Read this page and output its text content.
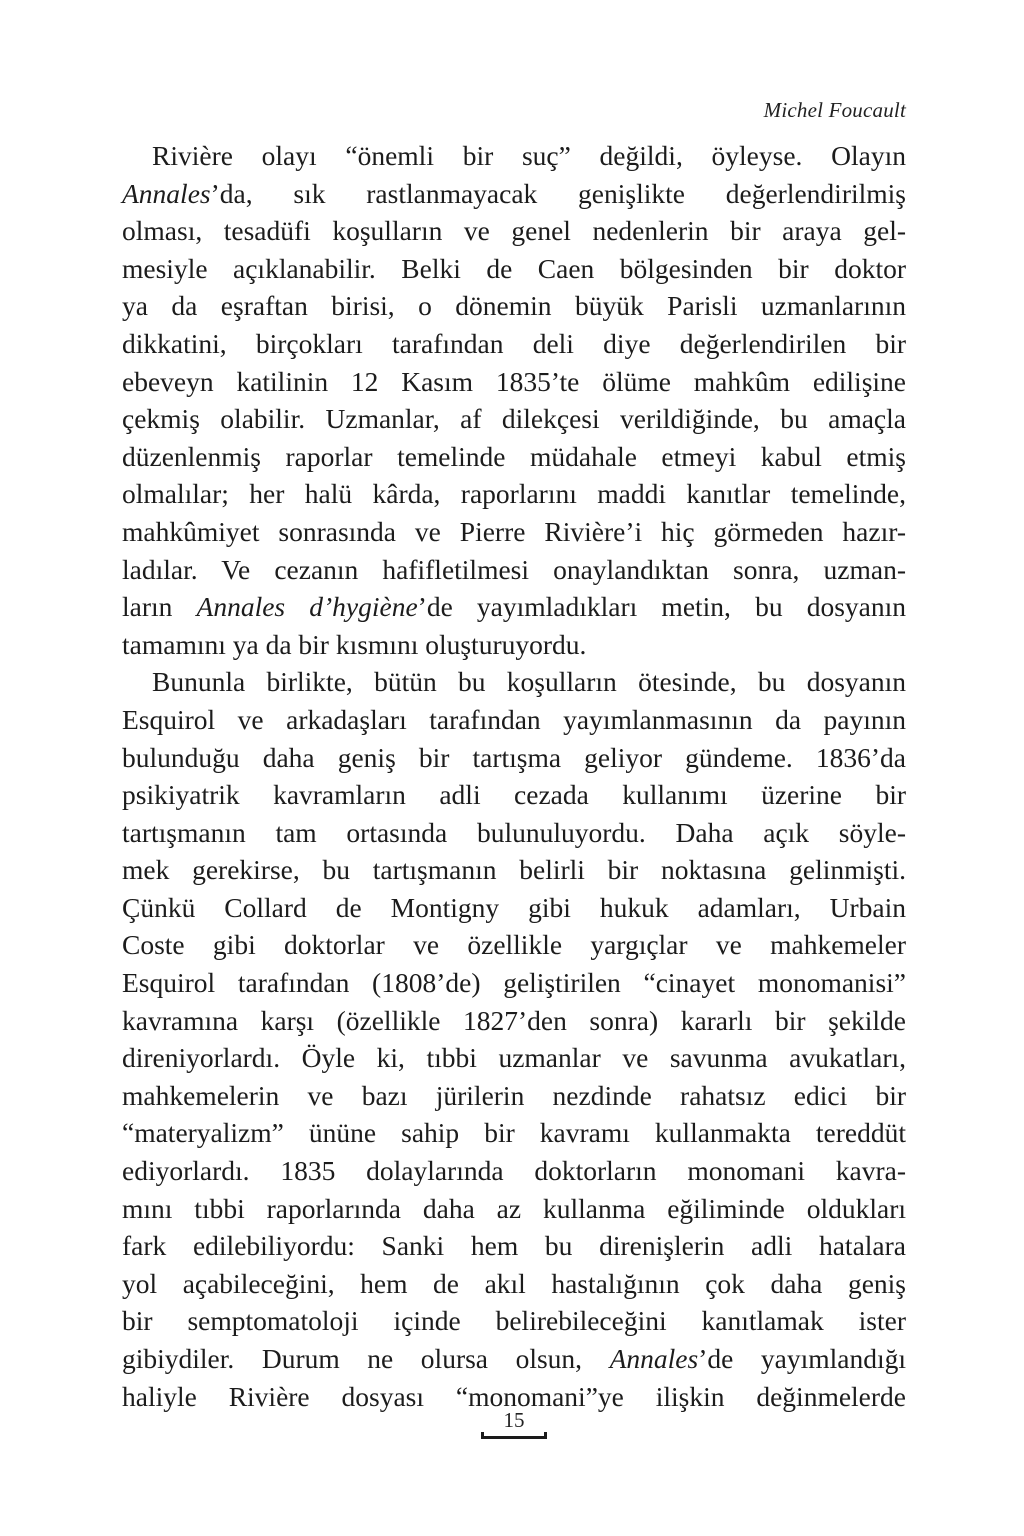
Michel Foucault
Rivière olayı “önemli bir suç” değildi, öyleyse. Olayın
Annales’da, sık rastlanmayacak genişlikte değerlendirilmiş
olması, tesadüfi koşulların ve genel nedenlerin bir araya gel-
mesiyle açıklanabilir. Belki de Caen bölgesinden bir doktor
ya da eşraftan birisi, o dönemin büyük Parisli uzmanlarının
dikkatini, birçokları tarafından deli diye değerlendirilen bir
ebeveyn katilinin 12 Kasım 1835’te ölüme mahkûm edilişine
çekmiş olabilir. Uzmanlar, af dilekçesi verildiğinde, bu amaçla
düzenlenmiş raporlar temelinde müdahale etmeyi kabul etmiş
olmalılar; her halü kârda, raporlarını maddi kanıtlar temelinde,
mahkûmiyet sonrasında ve Pierre Rivière’i hiç görmeden hazır-
ladılar. Ve cezanın hafifletilmesi onaylandıktan sonra, uzman-
ların Annales d’hygiène’de yayımladıkları metin, bu dosyanın
tamamını ya da bir kısmını oluşturuyordu.
Bununla birlikte, bütün bu koşulların ötesinde, bu dosyanın
Esquirol ve arkadaşları tarafından yayımlanmasının da payının
bulunduğu daha geniş bir tartışma geliyor gündeme. 1836’da
psikiyatrik kavramların adli cezada kullanımı üzerine bir
tartışmanın tam ortasında bulunuluyordu. Daha açık söyle-
mek gerekirse, bu tartışmanın belirli bir noktasına gelinmişti.
Çünkü Collard de Montigny gibi hukuk adamları, Urbain
Coste gibi doktorlar ve özellikle yargıçlar ve mahkemeler
Esquirol tarafından (1808’de) geliştirilen “cinayet monomanisi”
kavramına karşı (özellikle 1827’den sonra) kararlı bir şekilde
direniyorlardı. Öyle ki, tıbbi uzmanlar ve savunma avukatları,
mahkemelerin ve bazı jürilerin nezdinde rahatsız edici bir
“materyalizm” ününe sahip bir kavramı kullanmakta tereddüt
ediyorlardı. 1835 dolaylarında doktorların monomani kavra-
mını tıbbi raporlarında daha az kullanma eğiliminde oldukları
fark edilebiliyordu: Sanki hem bu direnişlerin adli hatalara
yol açabileceğini, hem de akıl hastalığının çok daha geniş
bir semptomatoloji içinde belirebileceğini kanıtlamak ister
gibiydiler. Durum ne olursa olsun, Annales’de yayımlandığı
haliyle Rivière dosyası “monomani”ye ilişkin değinmelerde
15
